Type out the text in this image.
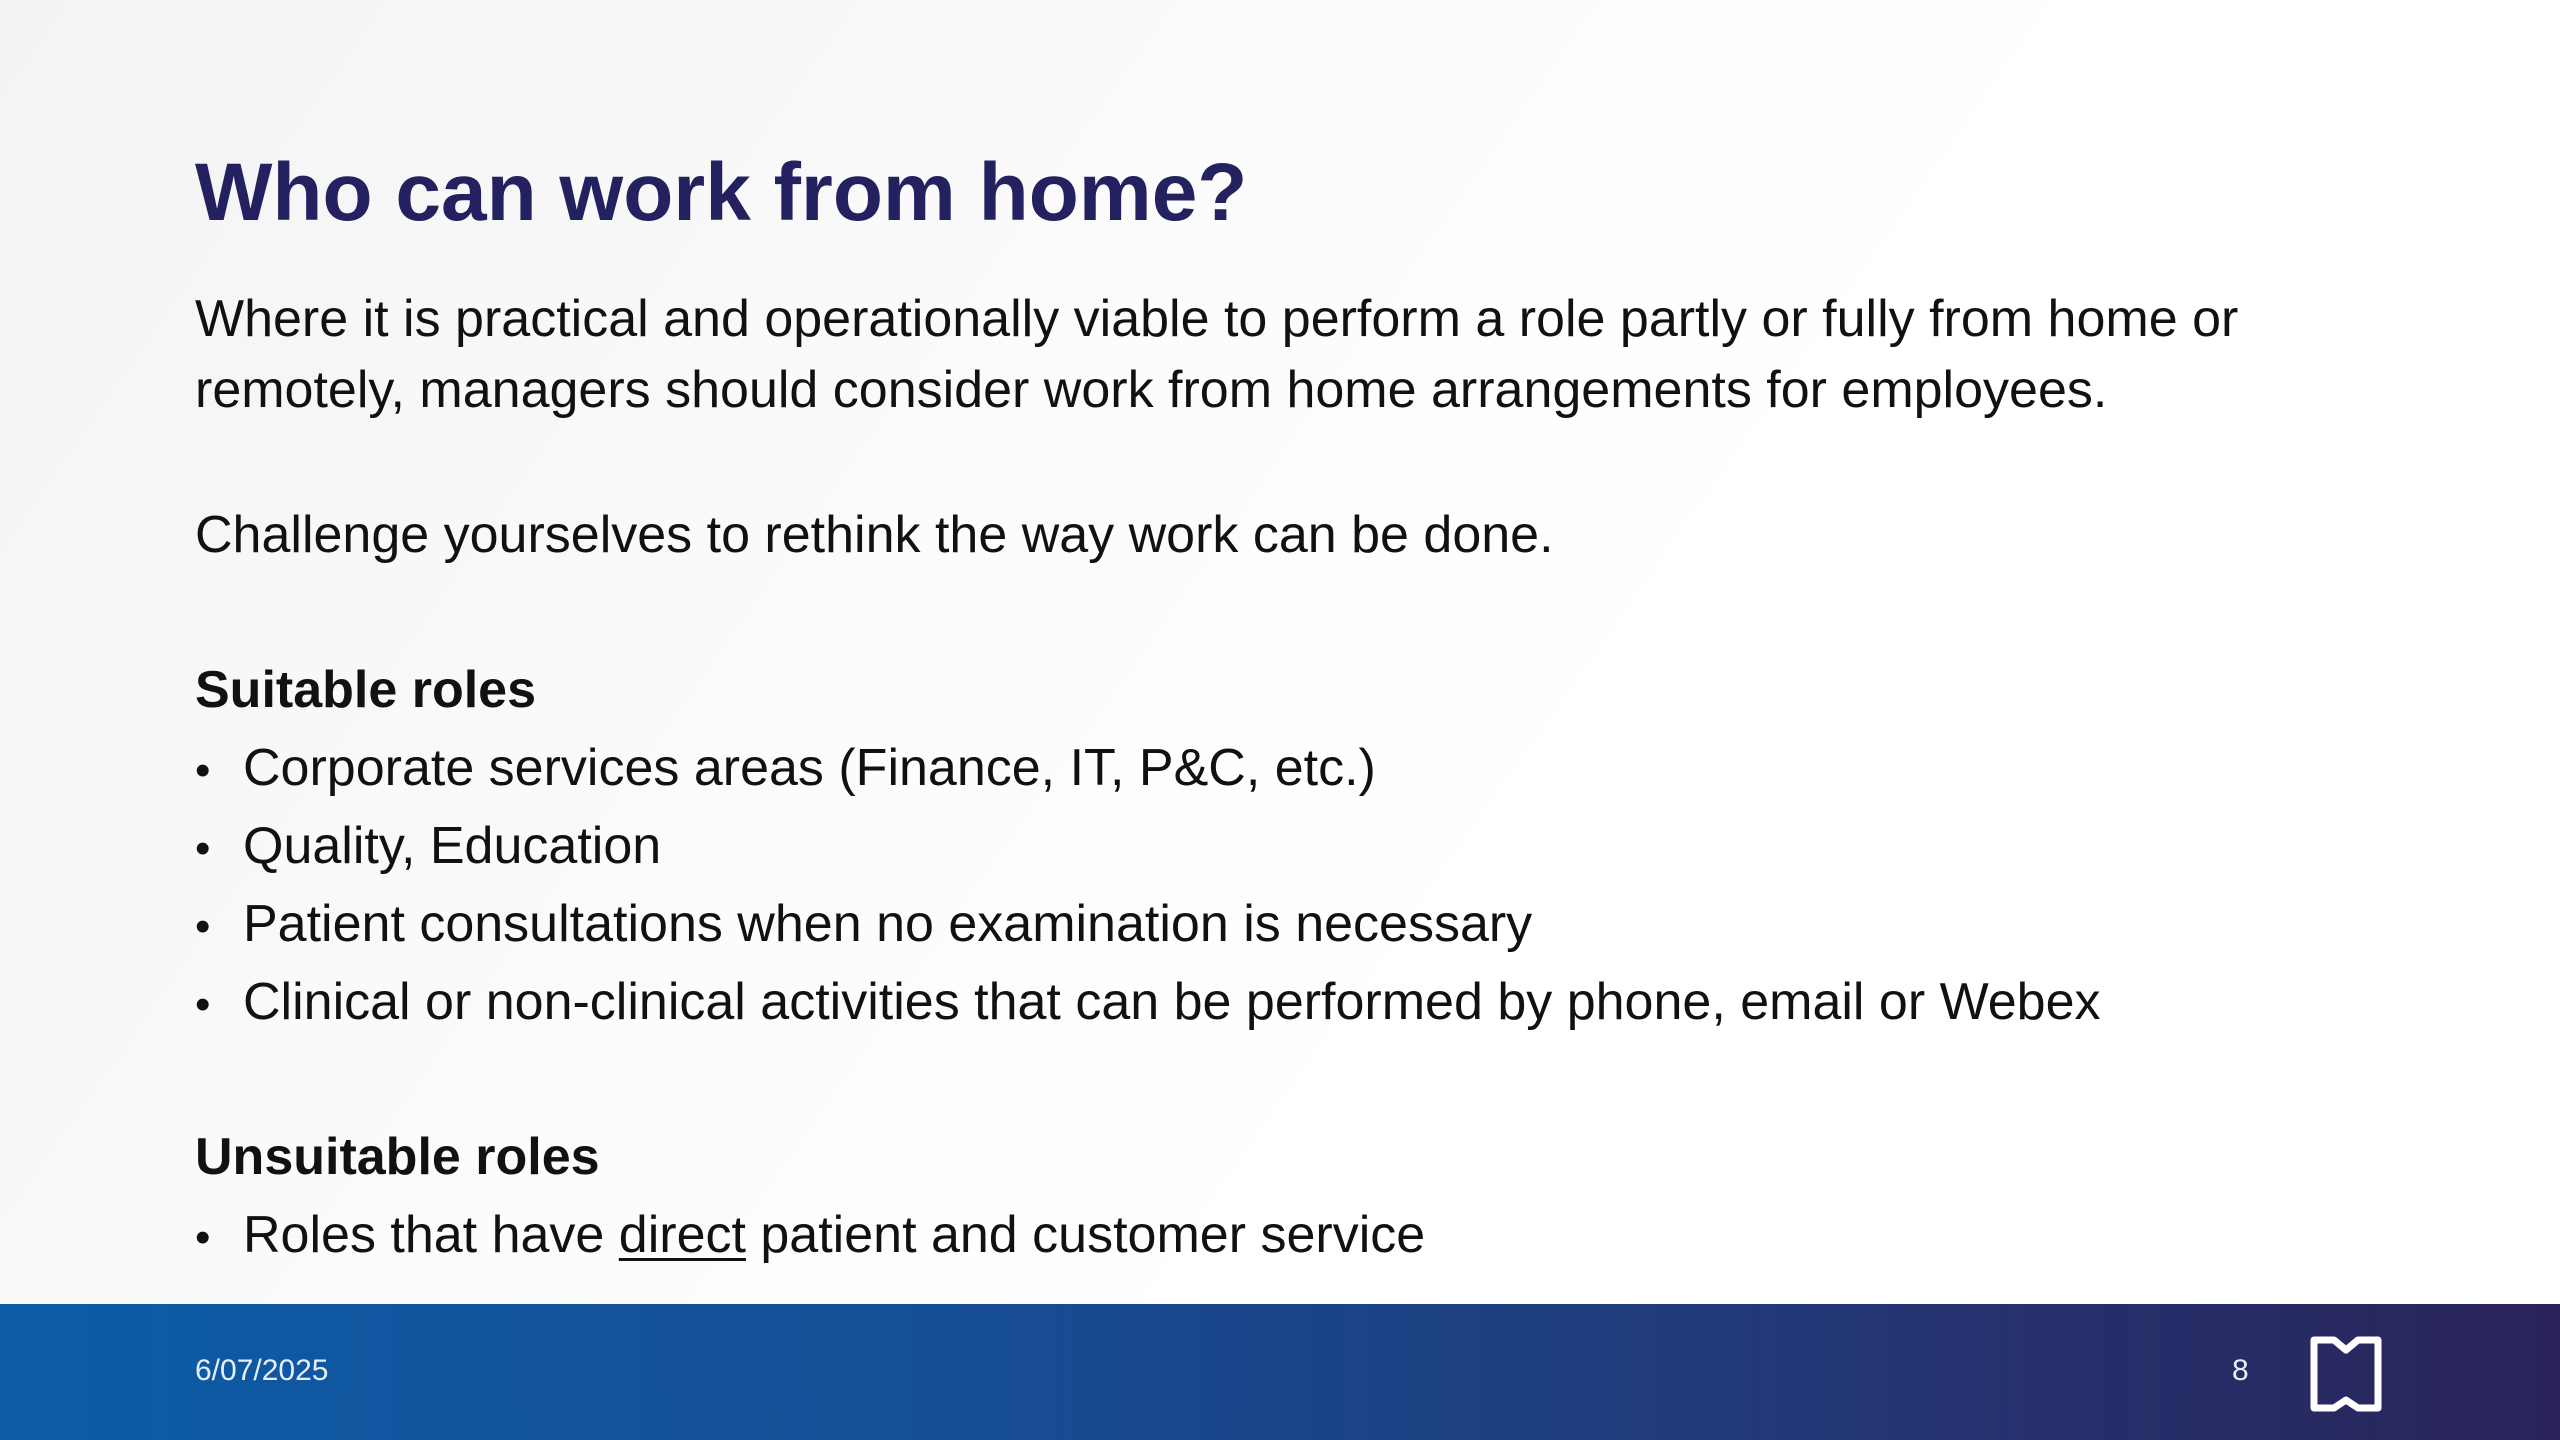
Who can work from home?

Where it is practical and operationally viable to perform a role partly or fully from home or remotely, managers should consider work from home arrangements for employees.

Challenge yourselves to rethink the way work can be done.

Suitable roles
• Corporate services areas (Finance, IT, P&C, etc.)
• Quality, Education
• Patient consultations when no examination is necessary
• Clinical or non-clinical activities that can be performed by phone, email or Webex
Unsuitable roles
• Roles that have direct patient and customer service
6/07/2025	8
